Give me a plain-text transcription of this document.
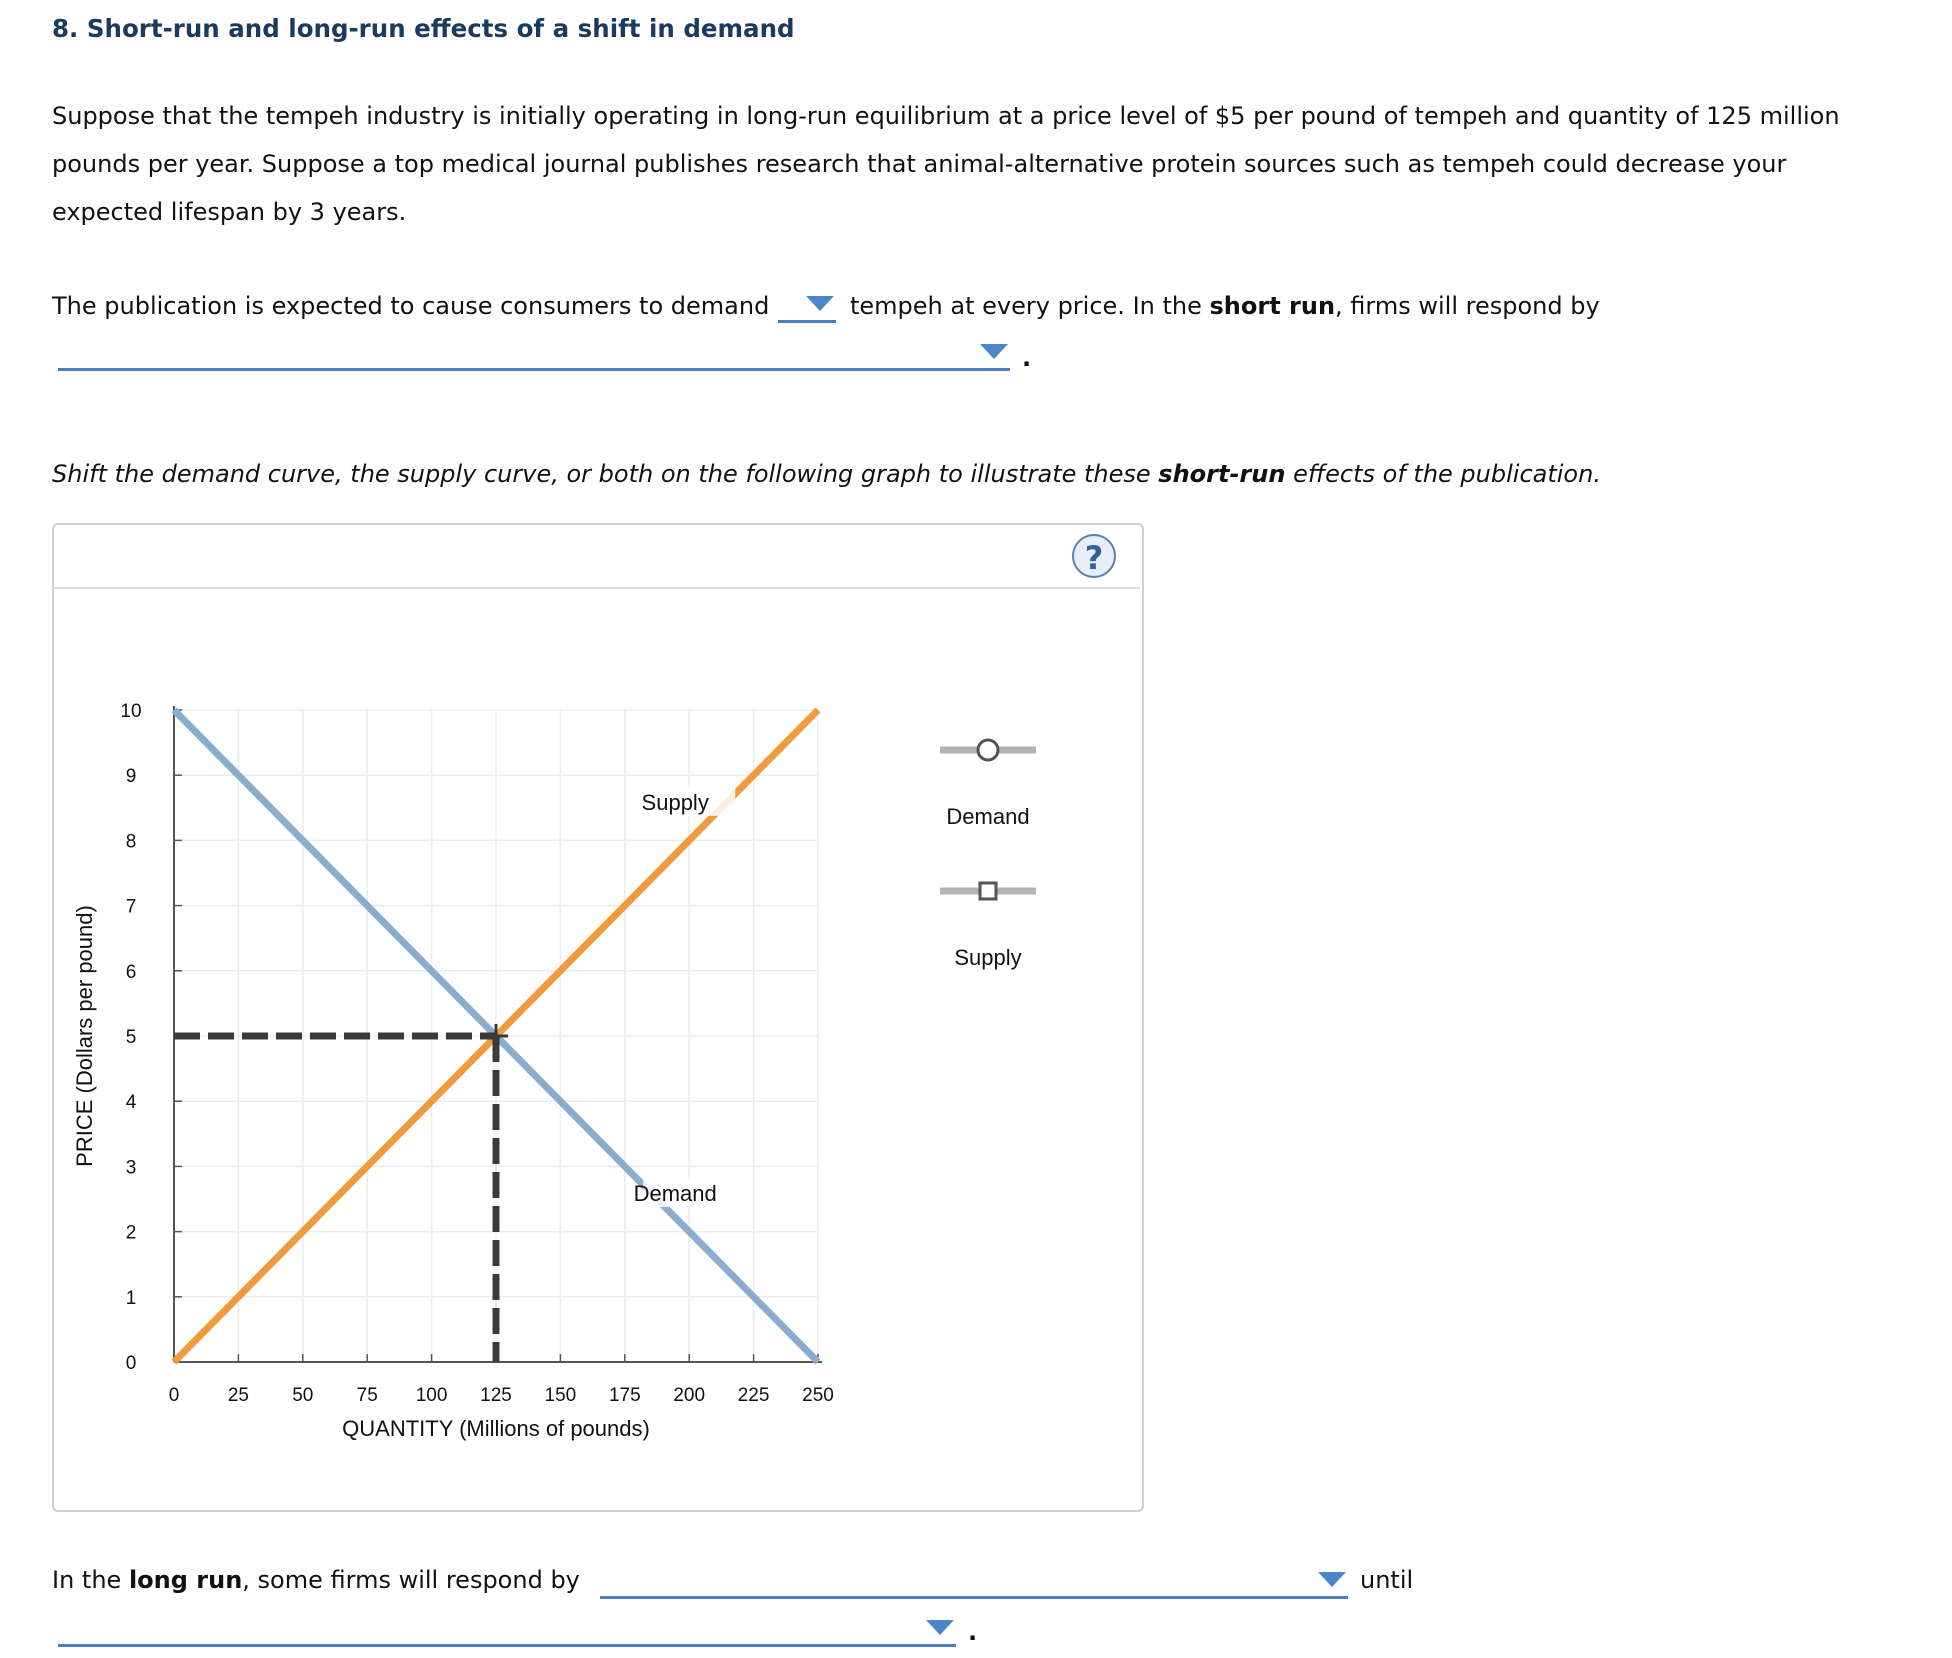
8. Short-run and long-run effects of a shift in demand
Suppose that the tempeh industry is initially operating in long-run equilibrium at a price level of $5 per pound of tempeh and quantity of 125 million pounds per year. Suppose a top medical journal publishes research that animal-alternative protein sources such as tempeh could decrease your expected lifespan by 3 years.
The publication is expected to cause consumers to demand	tempeh at every price. In the short run, firms will respond by
.
Shift the demand curve, the supply curve, or both on the following graph to illustrate these short-run effects of the publication.
?
0	25 50 75 100 125 150 175 200 225 250
0
1
2
3
4
5
6
7
8
9
10
QUANTITY (Millions of pounds)
PRICE (Dollars per pound)
Demand
Supply
Demand
Supply
In the long run, some firms will respond by	until
.
